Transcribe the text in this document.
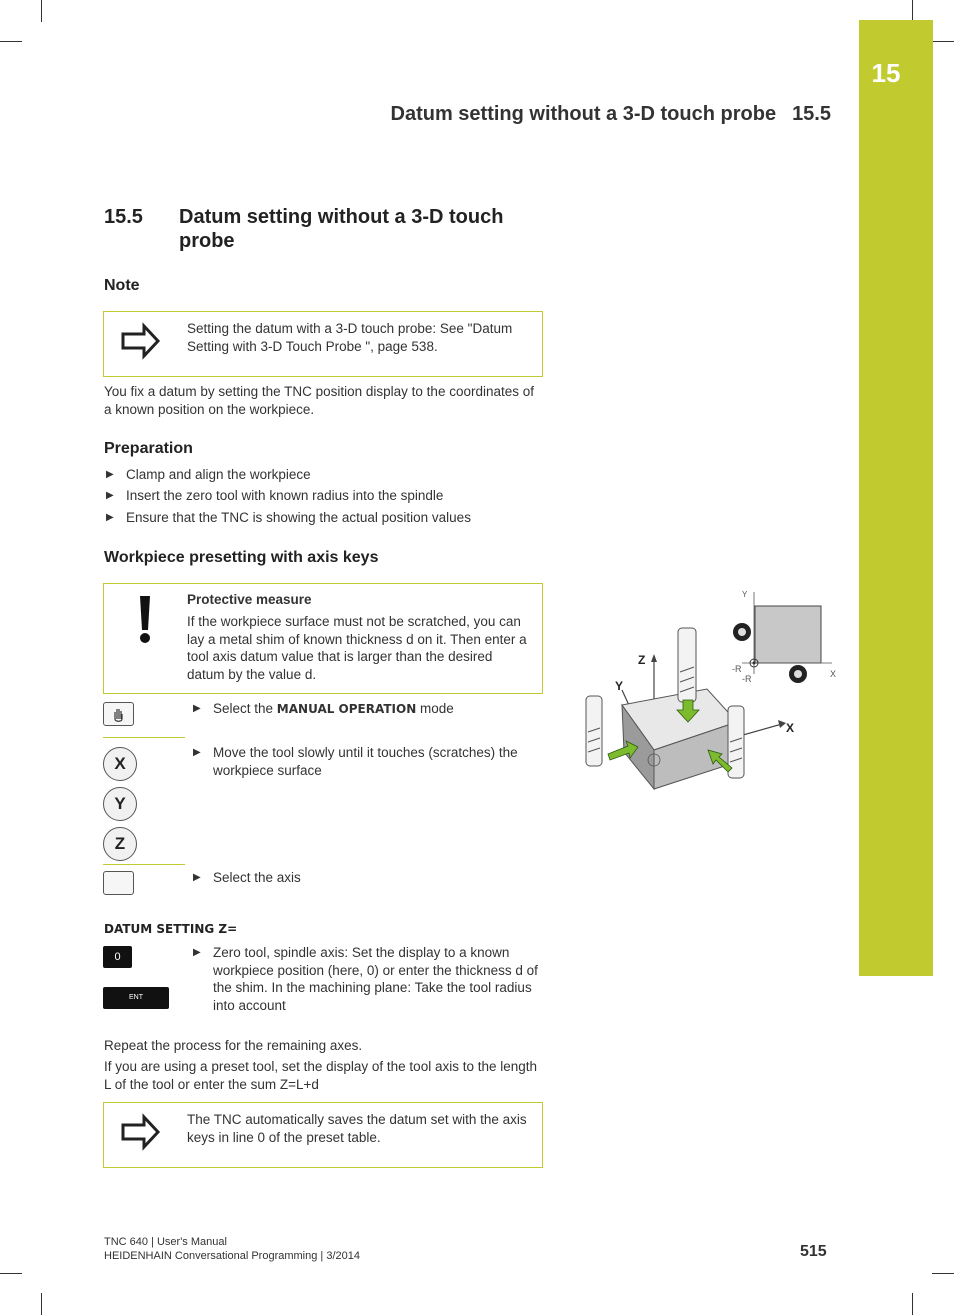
15
Datum setting without a 3-D touch probe 15.5
15.5 Datum setting without a 3-D touch probe
Note
Setting the datum with a 3-D touch probe: See "Datum Setting with 3-D Touch Probe ", page 538.

You fix a datum by setting the TNC position display to the coordinates of a known position on the workpiece.

Preparation
▶ Clamp and align the workpiece
▶ Insert the zero tool with known radius into the spindle
▶ Ensure that the TNC is showing the actual position values
Workpiece presetting with axis keys
Protective measure
If the workpiece surface must not be scratched, you can lay a metal shim of known thickness d on it. Then enter a tool axis datum value that is larger than the desired datum by the value d.
▶ Select the MANUAL OPERATION mode
▶ Move the tool slowly until it touches (scratches) the workpiece surface
X
Y
Z
▶ Select the axis
DATUM SETTING Z=
0
ENT
▶ Zero tool, spindle axis: Set the display to a known workpiece position (here, 0) or enter the thickness d of the shim. In the machining plane: Take the tool radius into account

Repeat the process for the remaining axes.

If you are using a preset tool, set the display of the tool axis to the length L of the tool or enter the sum Z=L+d

The TNC automatically saves the datum set with the axis keys in line 0 of the preset table.
Y
X
-R
-R
Z
Y
X
TNC 640 | User's Manual
HEIDENHAIN Conversational Programming | 3/2014	515
